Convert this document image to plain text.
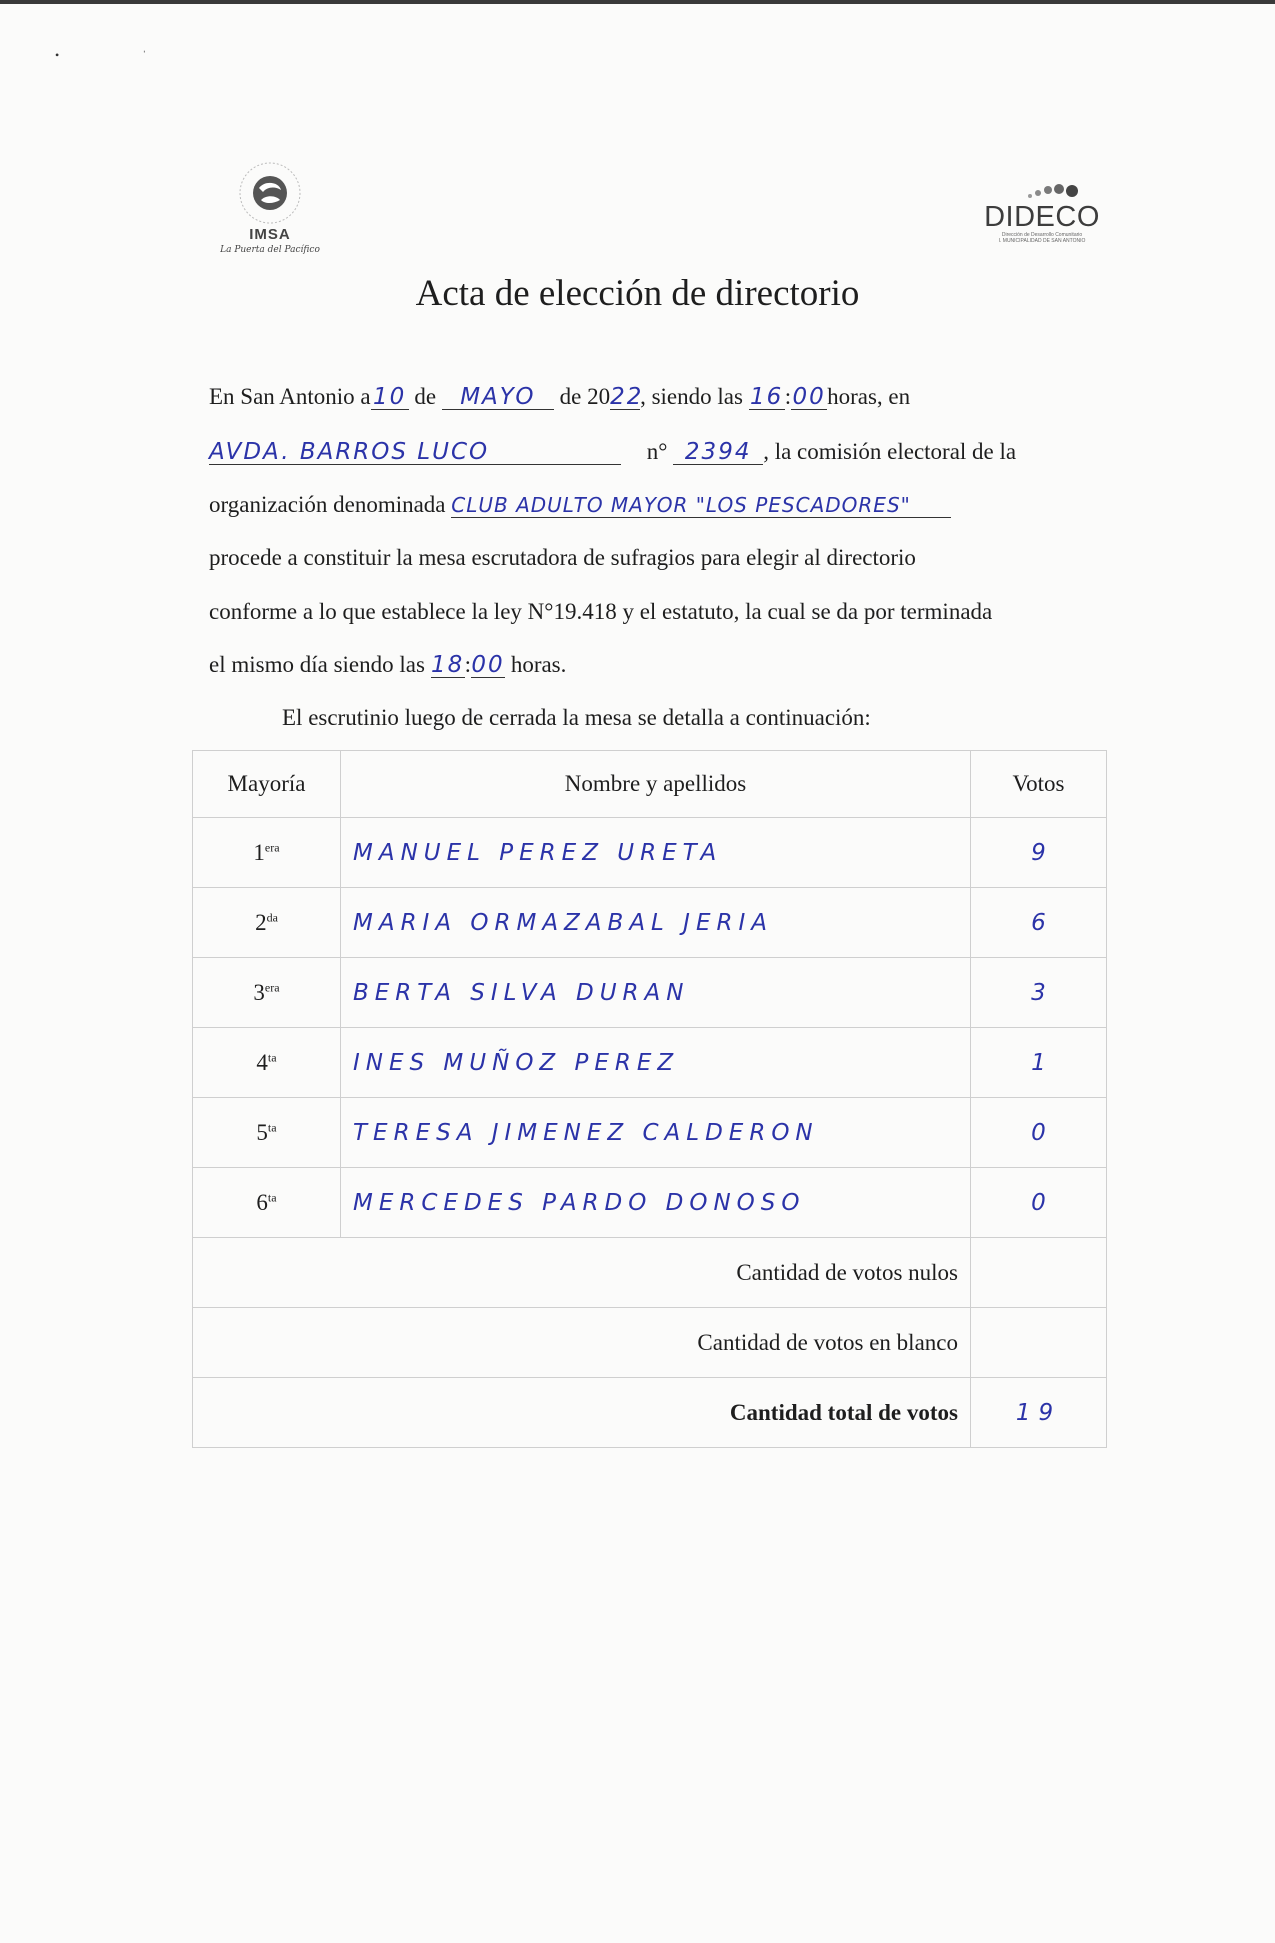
• ˈ
IMSA
La Puerta del Pacífico
DIDECO
Dirección de Desarrollo Comunitario
I. MUNICIPALIDAD DE SAN ANTONIO
Acta de elección de directorio
En San Antonio a 10 de MAYO de 2022, siendo las 16:00horas, en
AVDA. BARROS LUCO	n° 2394 , la comisión electoral de la
organización denominada CLUB ADULTO MAYOR "LOS PESCADORES"
procede a constituir la mesa escrutadora de sufragios para elegir al directorio
conforme a lo que establece la ley N°19.418 y el estatuto, la cual se da por terminada
el mismo día siendo las 18:00 horas.
El escrutinio luego de cerrada la mesa se detalla a continuación:
Mayoría	Nombre y apellidos	Votos
$1^{era}$	MANUEL PEREZ URETA	9
$2^{da}$	MARIA ORMAZABAL JERIA	6
$3^{era}$	BERTA SILVA DURAN	3
$4^{ta}$	INES MUÑOZ PEREZ	1
$5^{ta}$	TERESA JIMENEZ CALDERON	0
$6^{ta}$	MERCEDES PARDO DONOSO	0
Cantidad de votos nulos		
Cantidad de votos en blanco		
Cantidad total de votos		19
